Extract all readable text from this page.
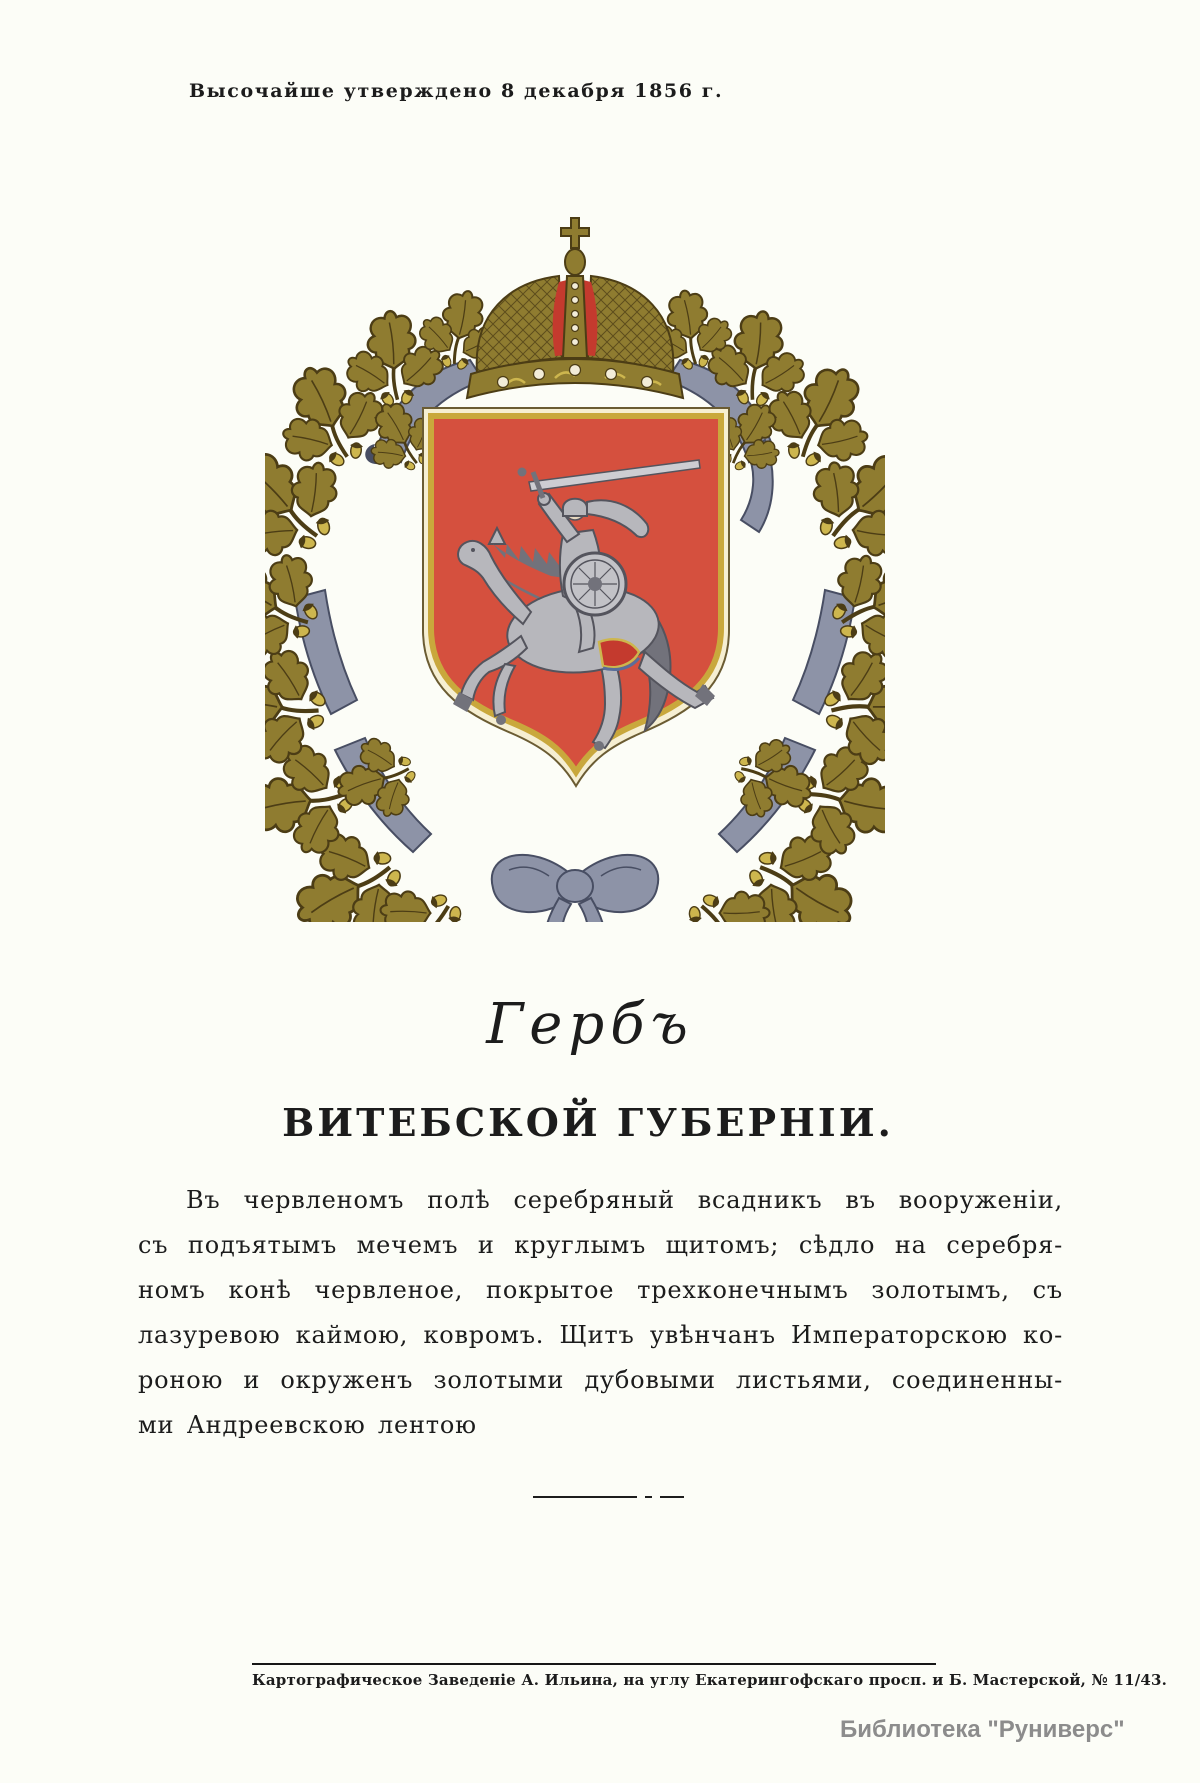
Высочайше утверждено 8 декабря 1856 г.
Гербъ
ВИТЕБСКОЙ ГУБЕРНІИ.
Въ червленомъ полѣ серебряный всадникъ въ вооруженіи,
съ подъятымъ мечемъ и круглымъ щитомъ; сѣдло на серебря-
номъ конѣ червленое, покрытое трехконечнымъ золотымъ, съ
лазуревою каймою, ковромъ. Щитъ увѣнчанъ Императорскою ко-
роною и окруженъ золотыми дубовыми листьями, соединенны-
ми Андреевскою лентою
Картографическое Заведеніе А. Ильина, на углу Екатерингофскаго просп. и Б. Мастерской, № 11/43.
Библиотека "Руниверс"
